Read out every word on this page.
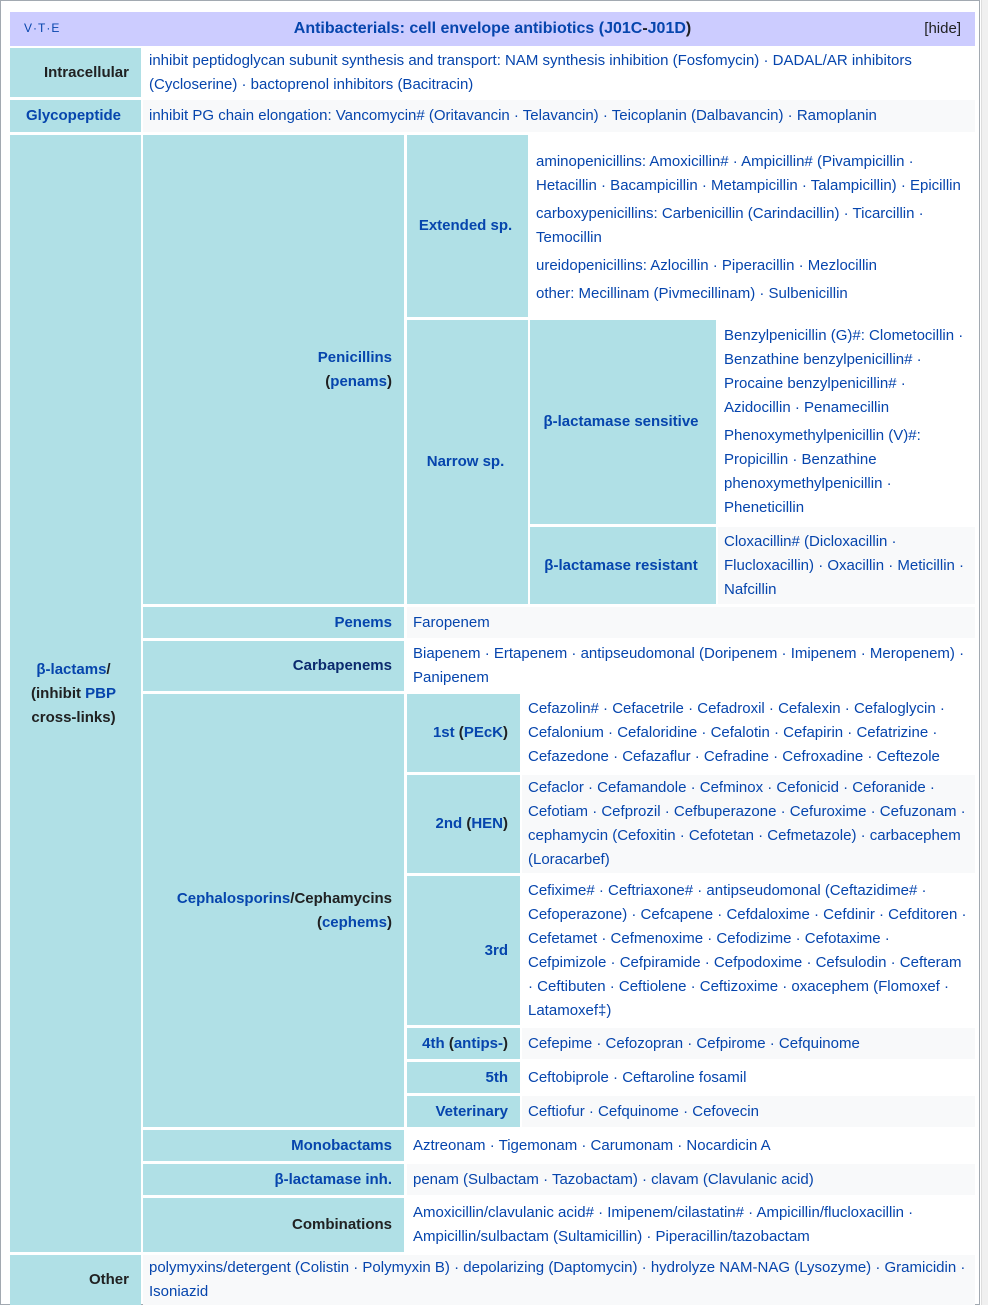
V·T·E	Antibacterials: cell envelope antibiotics (J01C-J01D)	[hide]
Intracellular
inhibit peptidoglycan subunit synthesis and transport: NAM synthesis inhibition (Fosfomycin) · DADAL/AR inhibitors (Cycloserine) · bactoprenol inhibitors (Bacitracin)
Glycopeptide inhibit PG chain elongation: Vancomycin# (Oritavancin · Telavancin) · Teicoplanin (Dalbavancin) · Ramoplanin
β-lactams/
(inhibit PBP
cross-links)
Penicillins
(penams)
Extended sp.
aminopenicillins: Amoxicillin# · Ampicillin# (Pivampicillin · Hetacillin · Bacampicillin · Metampicillin · Talampicillin) · Epicillin
carboxypenicillins: Carbenicillin (Carindacillin) · Ticarcillin · Temocillin
ureidopenicillins: Azlocillin · Piperacillin · Mezlocillin
other: Mecillinam (Pivmecillinam) · Sulbenicillin
Narrow sp.
β-lactamase sensitive
Benzylpenicillin (G)#: Clometocillin · Benzathine benzylpenicillin# · Procaine benzylpenicillin# · Azidocillin · Penamecillin
Phenoxymethylpenicillin (V)#: Propicillin · Benzathine phenoxymethylpenicillin · Pheneticillin
β-lactamase resistant
Cloxacillin# (Dicloxacillin · Flucloxacillin) · Oxacillin · Meticillin · Nafcillin
Penems Faropenem
Carbapenems
Biapenem · Ertapenem · antipseudomonal (Doripenem · Imipenem · Meropenem) · Panipenem
Cephalosporins/Cephamycins
(cephems)
1st (PEcK)
Cefazolin# · Cefacetrile · Cefadroxil · Cefalexin · Cefaloglycin · Cefalonium · Cefaloridine · Cefalotin · Cefapirin · Cefatrizine · Cefazedone · Cefazaflur · Cefradine · Cefroxadine · Ceftezole
2nd (HEN)
Cefaclor · Cefamandole · Cefminox · Cefonicid · Ceforanide · Cefotiam · Cefprozil · Cefbuperazone · Cefuroxime · Cefuzonam · cephamycin (Cefoxitin · Cefotetan · Cefmetazole) · carbacephem (Loracarbef)
3rd
Cefixime# · Ceftriaxone# · antipseudomonal (Ceftazidime# · Cefoperazone) · Cefcapene · Cefdaloxime · Cefdinir · Cefditoren · Cefetamet · Cefmenoxime · Cefodizime · Cefotaxime · Cefpimizole · Cefpiramide · Cefpodoxime · Cefsulodin · Cefteram · Ceftibuten · Ceftiolene · Ceftizoxime · oxacephem (Flomoxef · Latamoxef‡)
4th (antips-) Cefepime · Cefozopran · Cefpirome · Cefquinome
5th Ceftobiprole · Ceftaroline fosamil
Veterinary Ceftiofur · Cefquinome · Cefovecin
Monobactams Aztreonam · Tigemonam · Carumonam · Nocardicin A
β-lactamase inh. penam (Sulbactam · Tazobactam) · clavam (Clavulanic acid)
Combinations
Amoxicillin/clavulanic acid# · Imipenem/cilastatin# · Ampicillin/flucloxacillin · Ampicillin/sulbactam (Sultamicillin) · Piperacillin/tazobactam
Other
polymyxins/detergent (Colistin · Polymyxin B) · depolarizing (Daptomycin) · hydrolyze NAM-NAG (Lysozyme) · Gramicidin · Isoniazid
